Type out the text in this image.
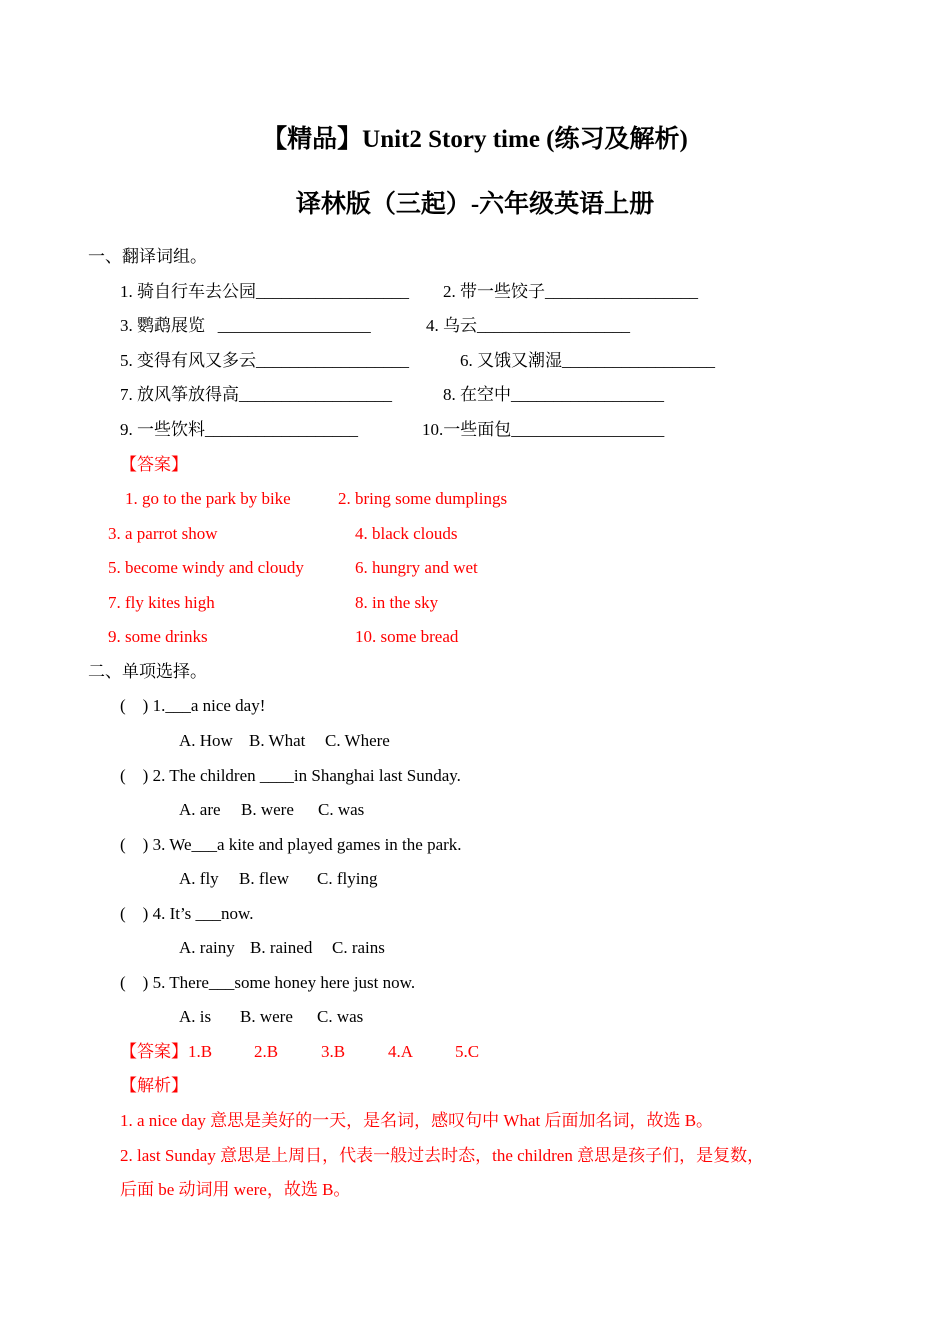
【精品】Unit2 Story time (练习及解析)
译林版（三起）-六年级英语上册
一、翻译词组。
1. 骑自行车去公园__________________ 2. 带一些饺子__________________
3. 鹦鹉展览   __________________	4. 乌云__________________
5. 变得有风又多云__________________	6. 又饿又潮湿__________________
7. 放风筝放得高__________________	8. 在空中__________________
9. 一些饮料__________________	10.一些面包__________________
【答案】
1. go to the park by bike	2. bring some dumplings
3. a parrot show	4. black clouds
5. become windy and cloudy	6. hungry and wet
7. fly kites high	8. in the sky
9. some drinks	10. some bread
二、单项选择。
(    ) 1.___a nice day!
A. How B. What C. Where
(    ) 2. The children ____in Shanghai last Sunday.
A. are B. were C. was
(    ) 3. We___a kite and played games in the park.
A. fly B. flew C. flying
(    ) 4. It’s ___now.
A. rainy B. rained C. rains
(    ) 5. There___some honey here just now.
A. is B. were C. was
【答案】 1.B 2.B	3.B	4.A 5.C
【解析】
1. a nice day 意思是美好的一天，是名词，感叹句中 What 后面加名词，故选 B。
2. last Sunday 意思是上周日，代表一般过去时态，the children 意思是孩子们，是复数，
后面 be 动词用 were，故选 B。
